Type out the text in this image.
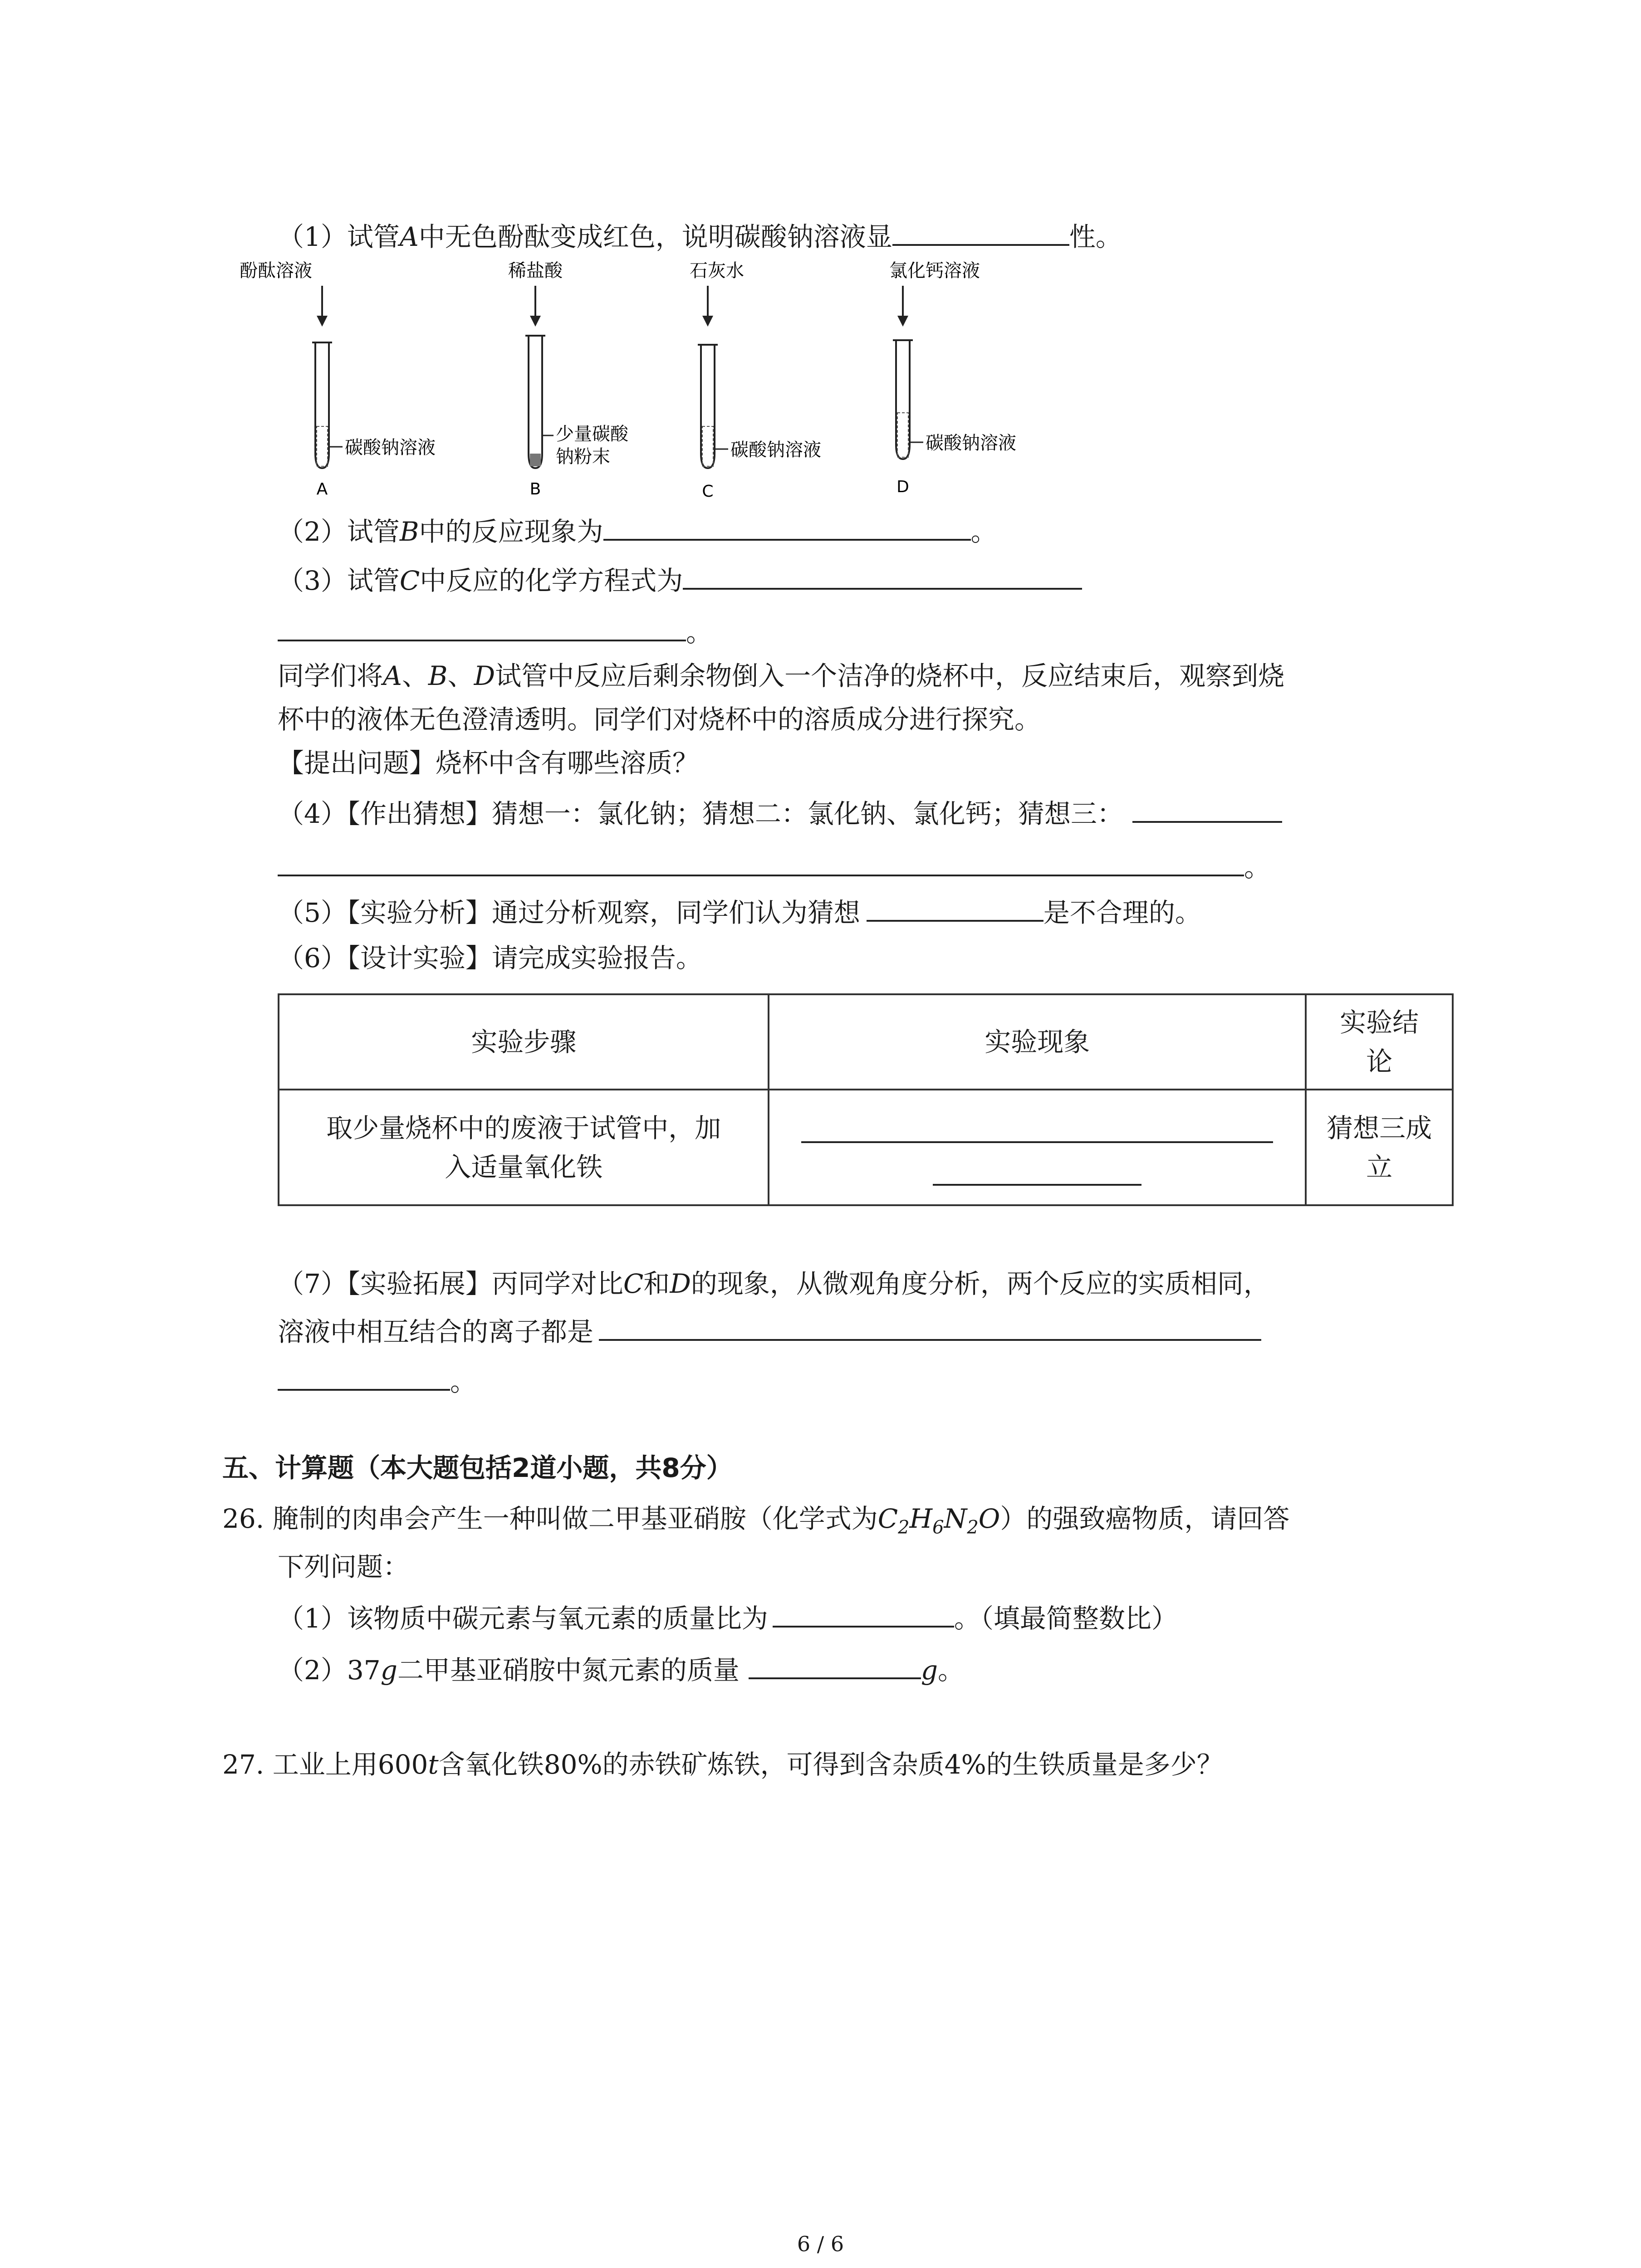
（1）试管A中无色酚酞变成红色，说明碳酸钠溶液显	性。
酚酞溶液
碳酸钠溶液
A
稀盐酸
少量碳酸
钠粉末
B
石灰水
碳酸钠溶液
C
氯化钙溶液
碳酸钠溶液
D
（2）试管B中的反应现象为	。
（3）试管C中反应的化学方程式为
。
同学们将A、B、D试管中反应后剩余物倒入一个洁净的烧杯中，反应结束后，观察到烧
杯中的液体无色澄清透明。同学们对烧杯中的溶质成分进行探究。
【提出问题】烧杯中含有哪些溶质？
（4）【作出猜想】猜想一：氯化钠；猜想二：氯化钠、氯化钙；猜想三：
。
（5）【实验分析】通过分析观察，同学们认为猜想	是不合理的。
（6）【设计实验】请完成实验报告。
实验步骤	实验现象	实验结
论
取少量烧杯中的废液于试管中，加
入适量氧化铁		猜想三成
立
（7）【实验拓展】丙同学对比C和D的现象，从微观角度分析，两个反应的实质相同，
溶液中相互结合的离子都是
。
五、计算题（本大题包括2道小题，共8分）
26. 腌制的肉串会产生一种叫做二甲基亚硝胺（化学式为$C_2H_6N_2O$）的强致癌物质，请回答
下列问题：
（1）该物质中碳元素与氧元素的质量比为	。（填最简整数比）
（2）37g二甲基亚硝胺中氮元素的质量	g。
27. 工业上用600t含氧化铁80%的赤铁矿炼铁，可得到含杂质4%的生铁质量是多少？
6 / 6
